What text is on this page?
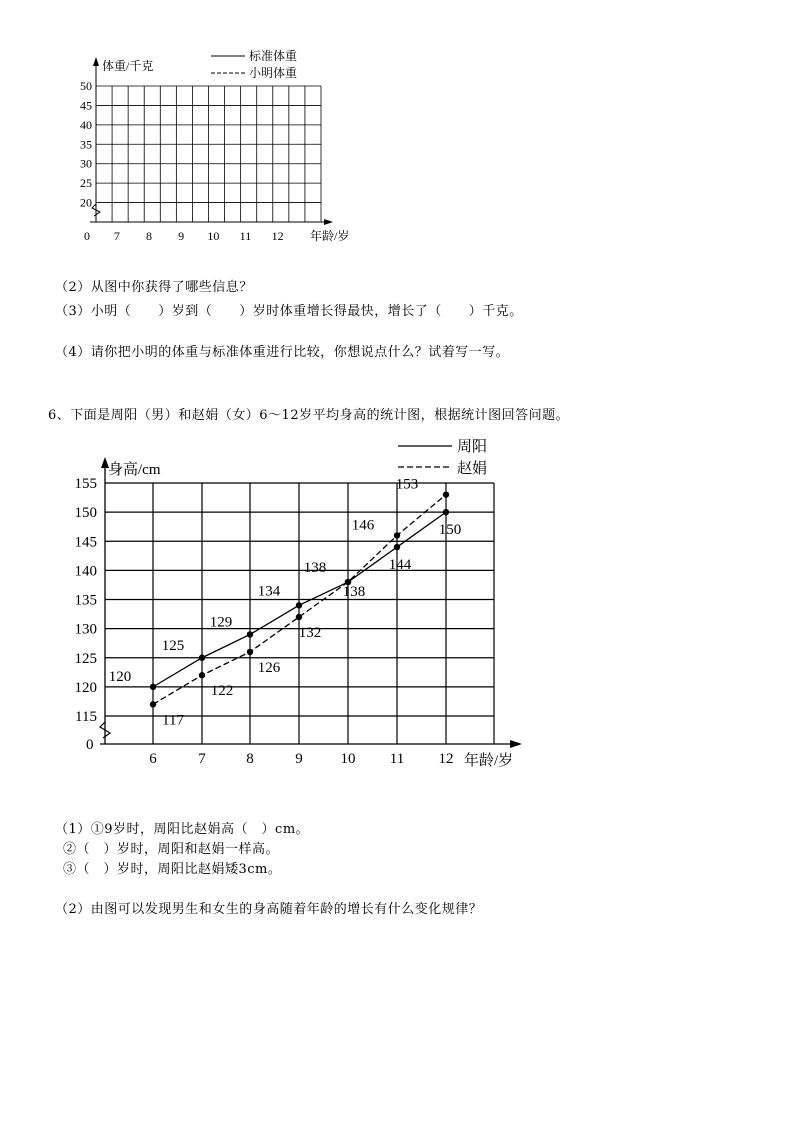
体重/千克
0	年龄/岁
50
45
40
35
30
25
20
7 8 9 10 11 12
标准体重
小明体重
（2）从图中你获得了哪些信息？
（3）小明（　　）岁到（　　）岁时体重增长得最快，增长了（　　）千克。
（4）请你把小明的体重与标准体重进行比较，你想说点什么？试着写一写。
6、下面是周阳（男）和赵娟（女）6～12岁平均身高的统计图，根据统计图回答问题。
身高/cm
0
年龄/岁
155
150
145
140
135
130
125
120
115
6	7	8	9	10 11 12
周阳
赵娟
120
125
129
134
138	144
150
117
122
126
132
138
146
153
（1）①9岁时，周阳比赵娟高（　）cm。
②（　）岁时，周阳和赵娟一样高。
③（　）岁时，周阳比赵娟矮3cm。
（2）由图可以发现男生和女生的身高随着年龄的增长有什么变化规律？
